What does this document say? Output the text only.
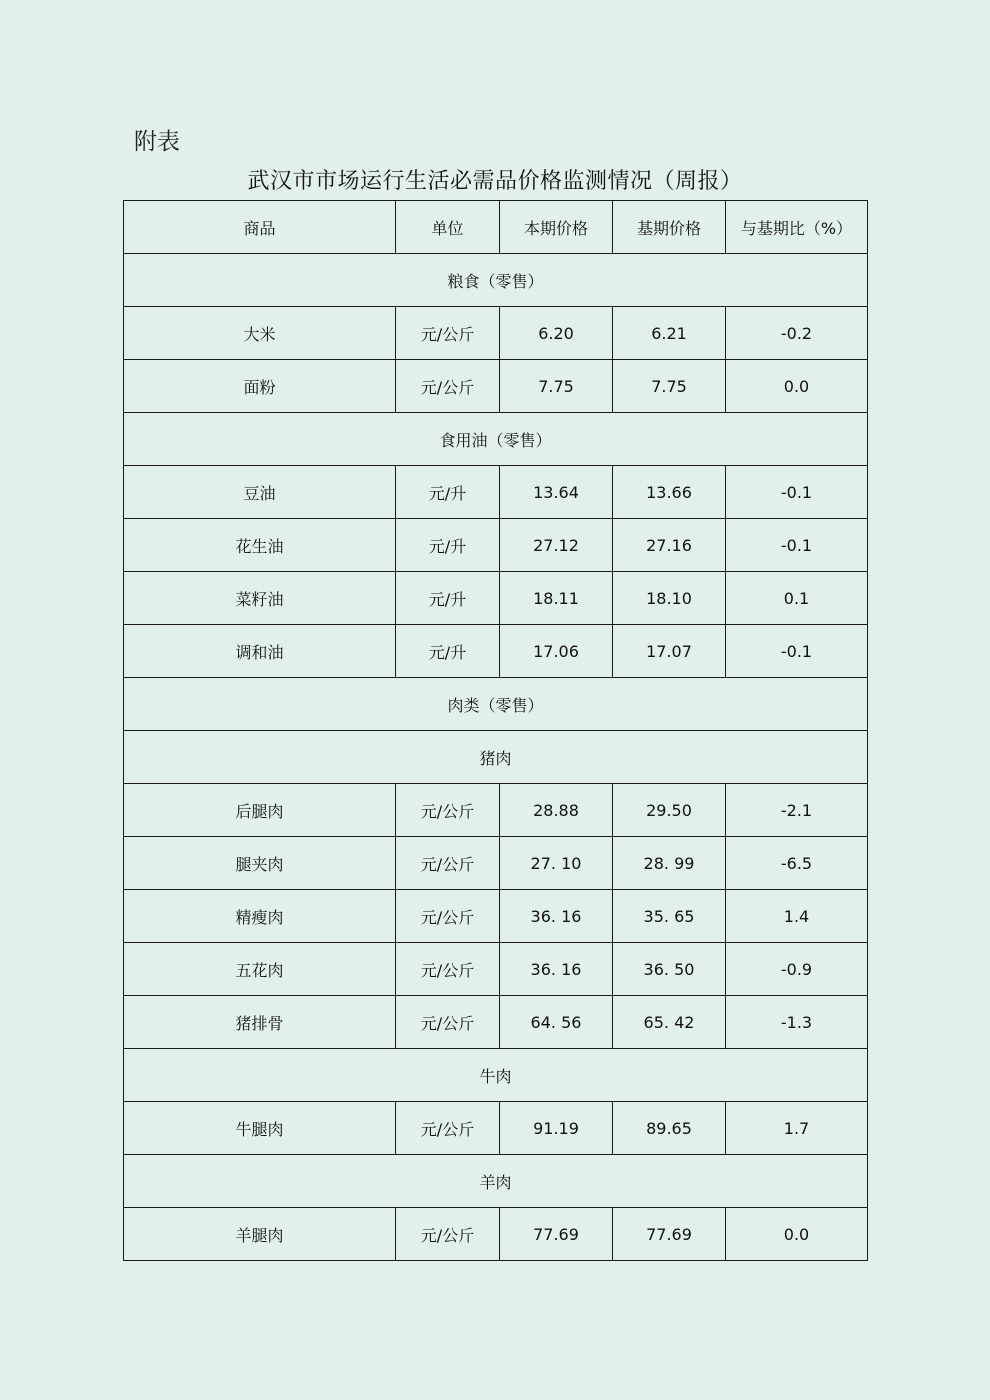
附表
武汉市市场运行生活必需品价格监测情况（周报）
商品	单位	本期价格	基期价格	与基期比（%）
粮食（零售）				
大米	元/公斤	6.20	6.21	-0.2
面粉	元/公斤	7.75	7.75	0.0
食用油（零售）				
豆油	元/升	13.64	13.66	-0.1
花生油	元/升	27.12	27.16	-0.1
菜籽油	元/升	18.11	18.10	0.1
调和油	元/升	17.06	17.07	-0.1
肉类（零售）				
猪肉				
后腿肉	元/公斤	28.88	29.50	-2.1
腿夹肉	元/公斤	27. 10	28. 99	-6.5
精瘦肉	元/公斤	36. 16	35. 65	1.4
五花肉	元/公斤	36. 16	36. 50	-0.9
猪排骨	元/公斤	64. 56	65. 42	-1.3
牛肉				
牛腿肉	元/公斤	91.19	89.65	1.7
羊肉				
羊腿肉	元/公斤	77.69	77.69	0.0
